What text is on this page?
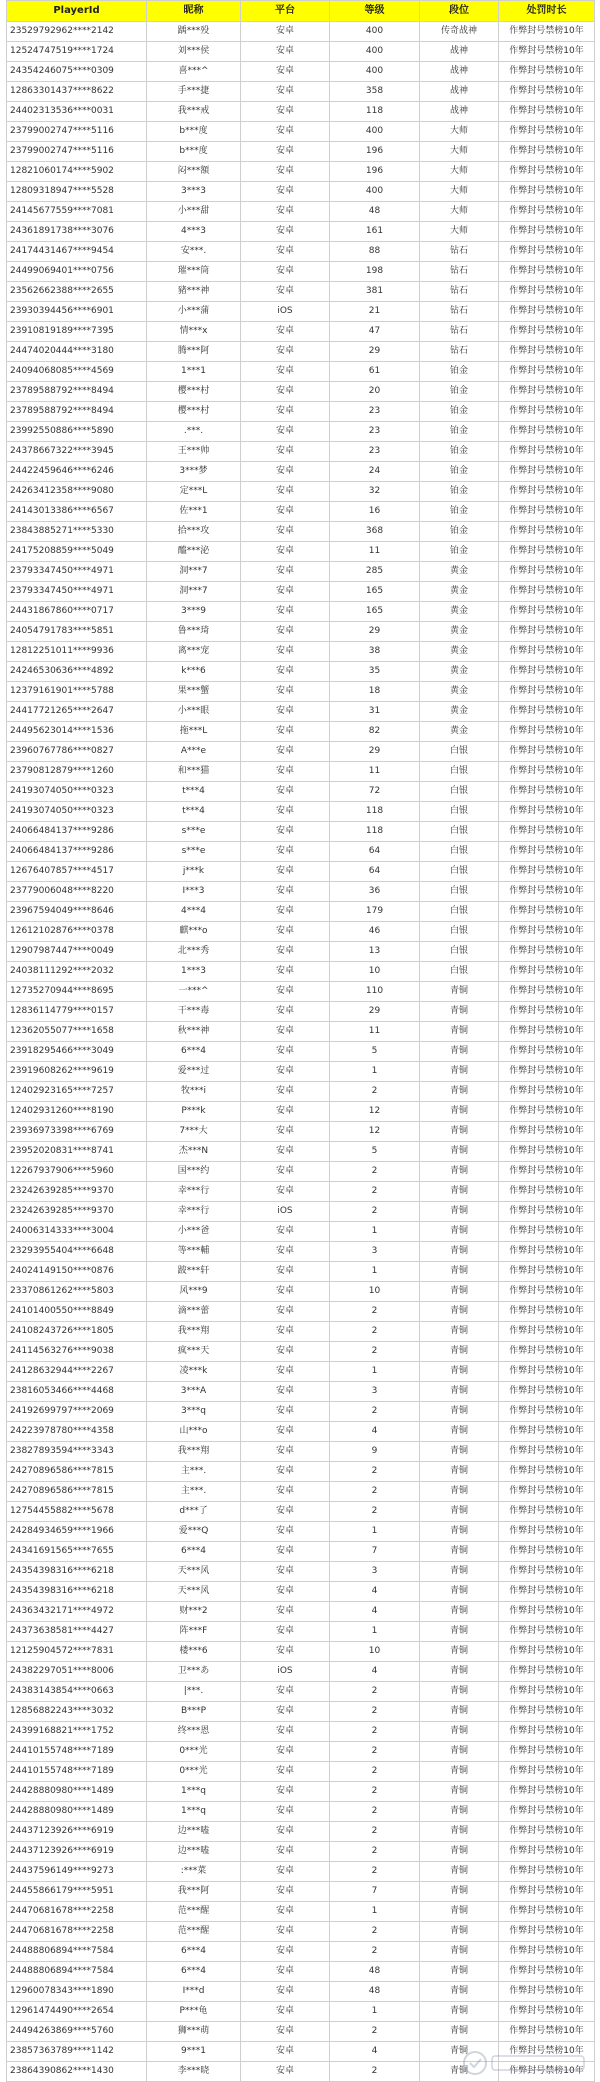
PlayerId	昵称	平台	等级	段位	处罚时长
23529792962****2142	踽***殁	安卓	400	传奇战神	作弊封号禁榜10年
12524747519****1724	刘***侯	安卓	400	战神	作弊封号禁榜10年
24354246075****0309	喜***^	安卓	400	战神	作弊封号禁榜10年
12863301437****8622	手***捷	安卓	358	战神	作弊封号禁榜10年
24402313536****0031	我***戒	安卓	118	战神	作弊封号禁榜10年
23799002747****5116	b***度	安卓	400	大师	作弊封号禁榜10年
23799002747****5116	b***度	安卓	196	大师	作弊封号禁榜10年
12821060174****5902	闷***額	安卓	196	大师	作弊封号禁榜10年
12809318947****5528	3***3	安卓	400	大师	作弊封号禁榜10年
24145677559****7081	小***甜	安卓	48	大师	作弊封号禁榜10年
24361891738****3076	4***3	安卓	161	大师	作弊封号禁榜10年
24174431467****9454	安***.	安卓	88	钻石	作弊封号禁榜10年
24499069401****0756	璀***筒	安卓	198	钻石	作弊封号禁榜10年
23562662388****2655	豬***神	安卓	381	钻石	作弊封号禁榜10年
23930394456****6901	小***蒲	iOS	21	钻石	作弊封号禁榜10年
23910819189****7395	情***x	安卓	47	钻石	作弊封号禁榜10年
24474020444****3180	腾***阿	安卓	29	钻石	作弊封号禁榜10年
24094068085****4569	1***1	安卓	61	铂金	作弊封号禁榜10年
23789588792****8494	樱***村	安卓	20	铂金	作弊封号禁榜10年
23789588792****8494	樱***村	安卓	23	铂金	作弊封号禁榜10年
23992550886****5890	.***.	安卓	23	铂金	作弊封号禁榜10年
24378667322****3945	王***帅	安卓	23	铂金	作弊封号禁榜10年
24422459646****6246	3***梦	安卓	24	铂金	作弊封号禁榜10年
24263412358****9080	定***L	安卓	32	铂金	作弊封号禁榜10年
24143013386****6567	佐***1	安卓	16	铂金	作弊封号禁榜10年
23843885271****5330	拾***攻	安卓	368	铂金	作弊封号禁榜10年
24175208859****5049	醯***泌	安卓	11	铂金	作弊封号禁榜10年
23793347450****4971	洞***7	安卓	285	黄金	作弊封号禁榜10年
23793347450****4971	洞***7	安卓	165	黄金	作弊封号禁榜10年
24431867860****0717	3***9	安卓	165	黄金	作弊封号禁榜10年
24054791783****5851	鲁***琦	安卓	29	黄金	作弊封号禁榜10年
12812251011****9936	离***宠	安卓	38	黄金	作弊封号禁榜10年
24246530636****4892	k***6	安卓	35	黄金	作弊封号禁榜10年
12379161901****5788	果***蟹	安卓	18	黄金	作弊封号禁榜10年
24417721265****2647	小***眼	安卓	31	黄金	作弊封号禁榜10年
24495623014****1536	拖***L	安卓	82	黄金	作弊封号禁榜10年
23960767786****0827	A***e	安卓	29	白银	作弊封号禁榜10年
23790812879****1260	和***猫	安卓	11	白银	作弊封号禁榜10年
24193074050****0323	t***4	安卓	72	白银	作弊封号禁榜10年
24193074050****0323	t***4	安卓	118	白银	作弊封号禁榜10年
24066484137****9286	s***e	安卓	118	白银	作弊封号禁榜10年
24066484137****9286	s***e	安卓	64	白银	作弊封号禁榜10年
12676407857****4517	j***k	安卓	64	白银	作弊封号禁榜10年
23779006048****8220	I***3	安卓	36	白银	作弊封号禁榜10年
23967594049****8646	4***4	安卓	179	白银	作弊封号禁榜10年
12612102876****0378	麒***o	安卓	46	白银	作弊封号禁榜10年
12907987447****0049	北***秀	安卓	13	白银	作弊封号禁榜10年
24038111292****2032	1***3	安卓	10	白银	作弊封号禁榜10年
12735270944****8695	一***^	安卓	110	青铜	作弊封号禁榜10年
12836114779****0157	干***毒	安卓	29	青铜	作弊封号禁榜10年
12362055077****1658	秋***神	安卓	11	青铜	作弊封号禁榜10年
23918295466****3049	6***4	安卓	5	青铜	作弊封号禁榜10年
23919608262****9619	爱***过	安卓	1	青铜	作弊封号禁榜10年
12402923165****7257	牧***i	安卓	2	青铜	作弊封号禁榜10年
12402931260****8190	P***k	安卓	12	青铜	作弊封号禁榜10年
23936973398****6769	7***大	安卓	12	青铜	作弊封号禁榜10年
23952020831****8741	杰***N	安卓	5	青铜	作弊封号禁榜10年
12267937906****5960	国***约	安卓	2	青铜	作弊封号禁榜10年
23242639285****9370	幸***行	安卓	2	青铜	作弊封号禁榜10年
23242639285****9370	幸***行	iOS	2	青铜	作弊封号禁榜10年
24006314333****3004	小***爸	安卓	1	青铜	作弊封号禁榜10年
23293955404****6648	等***輔	安卓	3	青铜	作弊封号禁榜10年
24024149150****0876	跛***轩	安卓	1	青铜	作弊封号禁榜10年
23370861262****5803	风***9	安卓	10	青铜	作弊封号禁榜10年
24101400550****8849	滴***蕾	安卓	2	青铜	作弊封号禁榜10年
24108243726****1805	我***翔	安卓	2	青铜	作弊封号禁榜10年
24114563276****9038	疯***天	安卓	2	青铜	作弊封号禁榜10年
24128632944****2267	凌***k	安卓	1	青铜	作弊封号禁榜10年
23816053466****4468	3***A	安卓	3	青铜	作弊封号禁榜10年
24192699797****2069	3***q	安卓	2	青铜	作弊封号禁榜10年
24223978780****4358	山***o	安卓	4	青铜	作弊封号禁榜10年
23827893594****3343	我***翔	安卓	9	青铜	作弊封号禁榜10年
24270896586****7815	主***.	安卓	2	青铜	作弊封号禁榜10年
24270896586****7815	主***.	安卓	2	青铜	作弊封号禁榜10年
12754455882****5678	d***了	安卓	2	青铜	作弊封号禁榜10年
24284934659****1966	爱***Q	安卓	1	青铜	作弊封号禁榜10年
24341691565****7655	6***4	安卓	7	青铜	作弊封号禁榜10年
24354398316****6218	天***风	安卓	3	青铜	作弊封号禁榜10年
24354398316****6218	天***风	安卓	4	青铜	作弊封号禁榜10年
24363432171****4972	财***2	安卓	4	青铜	作弊封号禁榜10年
24373638581****4427	阵***F	安卓	1	青铜	作弊封号禁榜10年
12125904572****7831	楼***6	安卓	10	青铜	作弊封号禁榜10年
24382297051****8006	卫***あ	iOS	4	青铜	作弊封号禁榜10年
24383143854****0663	|***.	安卓	2	青铜	作弊封号禁榜10年
12856882243****3032	B***P	安卓	2	青铜	作弊封号禁榜10年
24399168821****1752	终***恩	安卓	2	青铜	作弊封号禁榜10年
24410155748****7189	0***光	安卓	2	青铜	作弊封号禁榜10年
24410155748****7189	0***光	安卓	2	青铜	作弊封号禁榜10年
24428880980****1489	1***q	安卓	2	青铜	作弊封号禁榜10年
24428880980****1489	1***q	安卓	2	青铜	作弊封号禁榜10年
24437123926****6919	边***嗑	安卓	2	青铜	作弊封号禁榜10年
24437123926****6919	边***嗑	安卓	2	青铜	作弊封号禁榜10年
24437596149****9273	:***菜	安卓	2	青铜	作弊封号禁榜10年
24455866179****5951	我***阿	安卓	7	青铜	作弊封号禁榜10年
24470681678****2258	范***醒	安卓	1	青铜	作弊封号禁榜10年
24470681678****2258	范***醒	安卓	2	青铜	作弊封号禁榜10年
24488806894****7584	6***4	安卓	2	青铜	作弊封号禁榜10年
24488806894****7584	6***4	安卓	48	青铜	作弊封号禁榜10年
12960078343****1890	I***d	安卓	48	青铜	作弊封号禁榜10年
12961474490****2654	P***龟	安卓	1	青铜	作弊封号禁榜10年
24494263869****5760	狮***萌	安卓	2	青铜	作弊封号禁榜10年
23857363789****1142	9***1	安卓	4	青铜	作弊封号禁榜10年
23864390862****1430	李***晓	安卓	2	青铜	作弊封号禁榜10年
